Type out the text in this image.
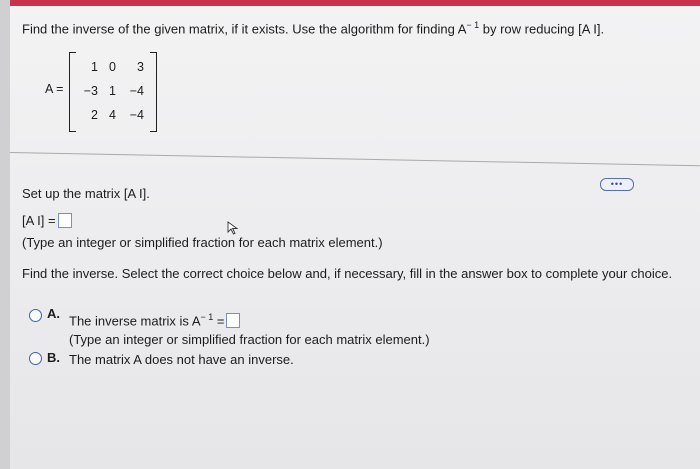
Find the inverse of the given matrix, if it exists. Use the algorithm for finding $A^{- 1}$ by row reducing [A I].
A =
1 0	3
−3 1 −4
2 4 −4
•••
Set up the matrix [A I].
[A I] =
(Type an integer or simplified fraction for each matrix element.)
Find the inverse. Select the correct choice below and, if necessary, fill in the answer box to complete your choice.
A. The inverse matrix is $A^{- 1}$ =
(Type an integer or simplified fraction for each matrix element.)
B. The matrix A does not have an inverse.
